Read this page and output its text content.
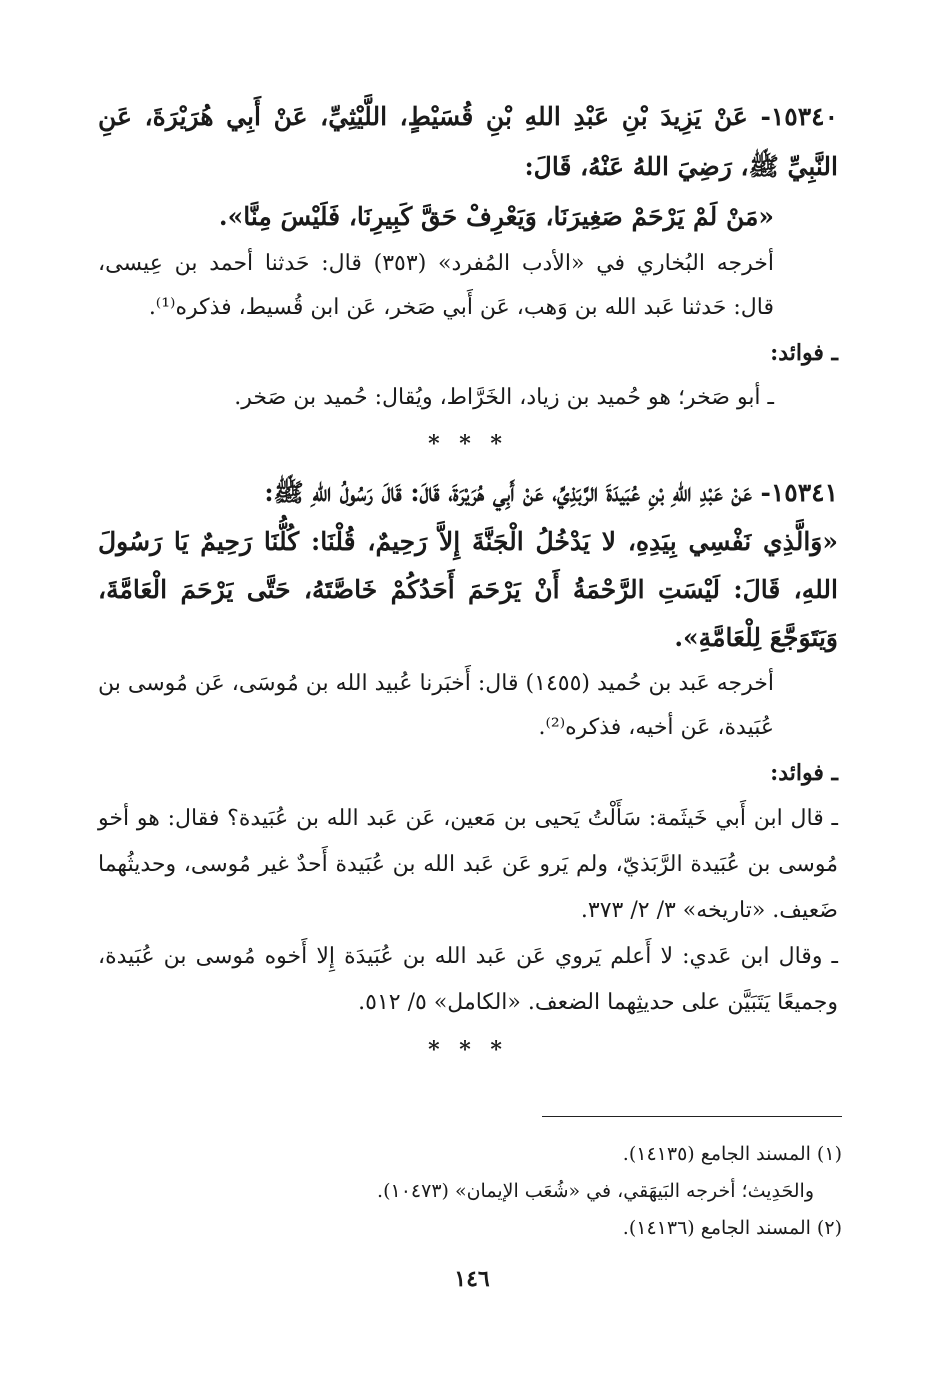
١٥٣٤٠- عَنْ يَزِيدَ بْنِ عَبْدِ اللهِ بْنِ قُسَيْطٍ، اللَّيْثِيِّ، عَنْ أَبِي هُرَيْرَةَ، عَنِ النَّبِيِّ ﷺ، رَضِيَ اللهُ عَنْهُ، قَالَ:

«مَنْ لَمْ يَرْحَمْ صَغِيرَنَا، وَيَعْرِفْ حَقَّ كَبِيرِنَا، فَلَيْسَ مِنَّا».

أخرجه البُخاري في «الأدب المُفرد» (٣٥٣) قال: حَدثنا أحمد بن عِيسى، قال: حَدثنا عَبد الله بن وَهب، عَن أَبي صَخر، عَن ابن قُسيط، فذكره⁽¹⁾.

ـ فوائد:

ـ أبو صَخر؛ هو حُميد بن زياد، الخَرَّاط، ويُقال: حُميد بن صَخر.

* * *

١٥٣٤١- عَنْ عَبْدِ اللهِ بْنِ عُبَيدَةَ الرَّبَذِيِّ، عَنْ أَبِي هُرَيْرَةَ، قَالَ: قَالَ رَسُولُ اللهِ ﷺ:

«وَالَّذِي نَفْسِي بِيَدِهِ، لا يَدْخُلُ الْجَنَّةَ إِلاَّ رَحِيمٌ، قُلْنَا: كُلُّنَا رَحِيمٌ يَا رَسُولَ اللهِ، قَالَ: لَيْسَتِ الرَّحْمَةُ أَنْ يَرْحَمَ أَحَدُكُمْ خَاصَّتَهُ، حَتَّى يَرْحَمَ الْعَامَّةَ، وَيَتَوَجَّعَ لِلْعَامَّةِ».

أخرجه عَبد بن حُميد (١٤٥٥) قال: أَخبَرنا عُبيد الله بن مُوسَى، عَن مُوسى بن عُبَيدة، عَن أخيه، فذكره⁽²⁾.

ـ فوائد:

ـ قال ابن أَبي خَيثَمة: سَأَلْتُ يَحيى بن مَعين، عَن عَبد الله بن عُبَيدة؟ فقال: هو أخو مُوسى بن عُبَيدة الرَّبَذيّ، ولم يَرو عَن عَبد الله بن عُبَيدة أَحدٌ غير مُوسى، وحديثُهما ضَعيف. «تاريخه» ٣/ ٢/ ٣٧٣.

ـ وقال ابن عَدي: لا أَعلم يَروي عَن عَبد الله بن عُبَيدَة إِلا أَخوه مُوسى بن عُبَيدة، وجميعًا يَتَبَيَّن على حديثِهما الضعف. «الكامل» ٥/ ٥١٢.

* * *

(١) المسند الجامع (١٤١٣٥).

والحَدِيث؛ أخرجه البَيهَقي، في «شُعَب الإيمان» (١٠٤٧٣).

(٢) المسند الجامع (١٤١٣٦).

١٤٦
